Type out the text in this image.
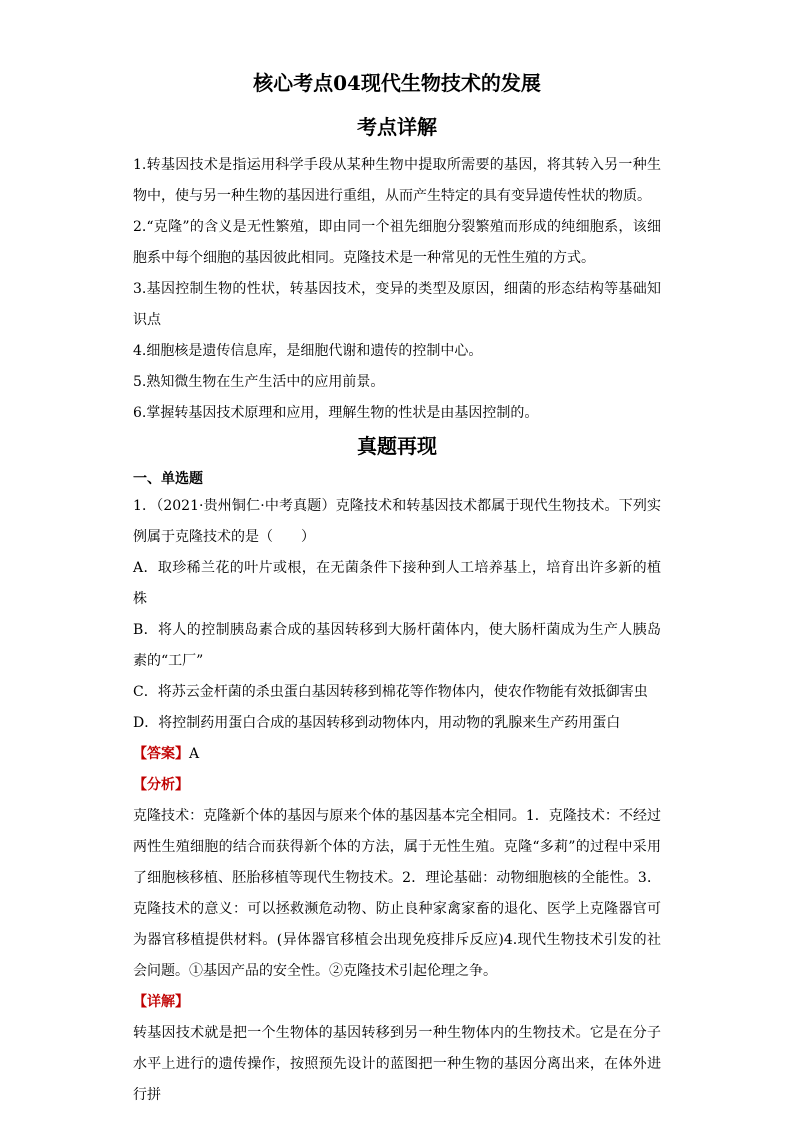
核心考点04现代生物技术的发展
考点详解

1.转基因技术是指运用科学手段从某种生物中提取所需要的基因，将其转入另一种生物中，使与另一种生物的基因进行重组，从而产生特定的具有变异遗传性状的物质。

2.“克隆”的含义是无性繁殖，即由同一个祖先细胞分裂繁殖而形成的纯细胞系，该细胞系中每个细胞的基因彼此相同。克隆技术是一种常见的无性生殖的方式。

3.基因控制生物的性状，转基因技术，变异的类型及原因，细菌的形态结构等基础知识点

4.细胞核是遗传信息库，是细胞代谢和遗传的控制中心。

5.熟知微生物在生产生活中的应用前景。

6.掌握转基因技术原理和应用，理解生物的性状是由基因控制的。

真题再现
一、单选题

1．（2021·贵州铜仁·中考真题）克隆技术和转基因技术都属于现代生物技术。下列实例属于克隆技术的是（　　）

A．取珍稀兰花的叶片或根，在无菌条件下接种到人工培养基上，培育出许多新的植株

B．将人的控制胰岛素合成的基因转移到大肠杆菌体内，使大肠杆菌成为生产人胰岛素的“工厂”

C．将苏云金杆菌的杀虫蛋白基因转移到棉花等作物体内，使农作物能有效抵御害虫

D．将控制药用蛋白合成的基因转移到动物体内，用动物的乳腺来生产药用蛋白

【答案】A
【分析】

克隆技术：克隆新个体的基因与原来个体的基因基本完全相同。1．克隆技术：不经过两性生殖细胞的结合而获得新个体的方法，属于无性生殖。克隆“多莉”的过程中采用了细胞核移植、胚胎移植等现代生物技术。2．理论基础：动物细胞核的全能性。3．克隆技术的意义：可以拯救濒危动物、防止良种家禽家畜的退化、医学上克隆器官可为器官移植提供材料。(异体器官移植会出现免疫排斥反应)4.现代生物技术引发的社会问题。①基因产品的安全性。②克隆技术引起伦理之争。

【详解】

转基因技术就是把一个生物体的基因转移到另一种生物体内的生物技术。它是在分子水平上进行的遗传操作，按照预先设计的蓝图把一种生物的基因分离出来，在体外进行拼
